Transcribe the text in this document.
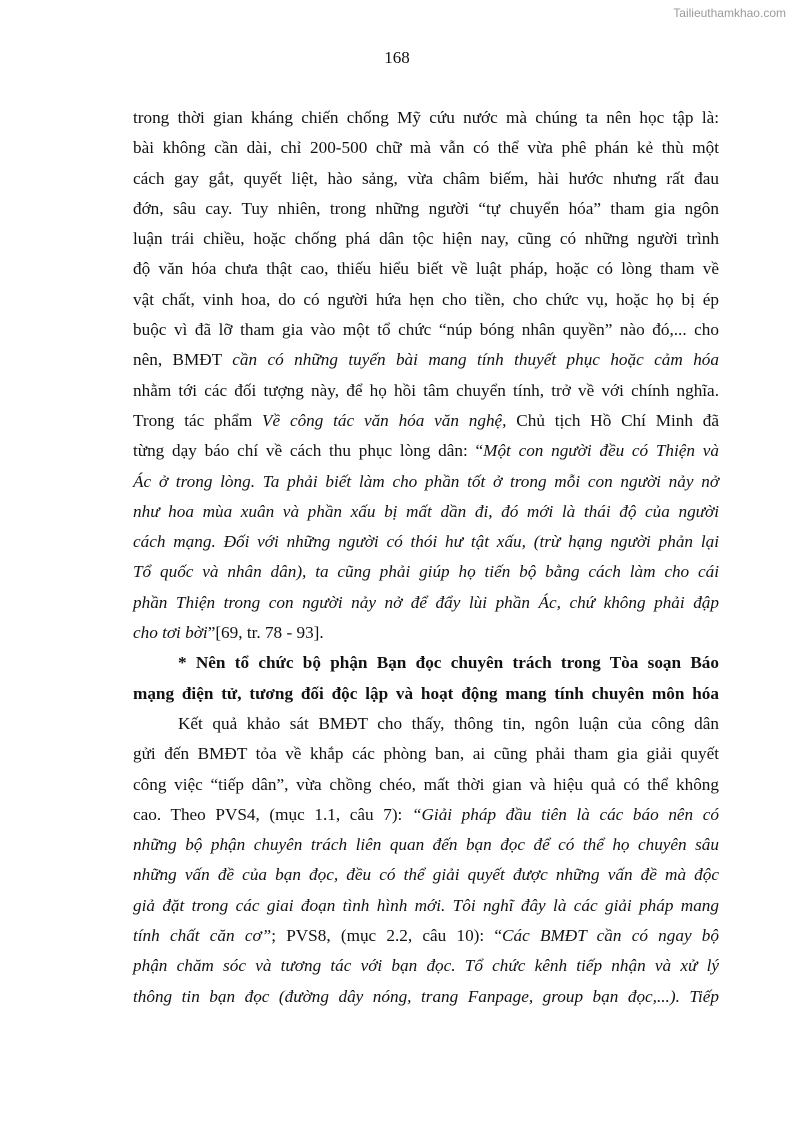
Tailieuthamkhao.com
168
trong thời gian kháng chiến chống Mỹ cứu nước mà chúng ta nên học tập là:
bài không cần dài, chỉ 200-500 chữ mà vẫn có thể vừa phê phán kẻ thù một
cách gay gắt, quyết liệt, hào sảng, vừa châm biếm, hài hước nhưng rất đau
đớn, sâu cay. Tuy nhiên, trong những người “tự chuyển hóa” tham gia ngôn
luận trái chiều, hoặc chống phá dân tộc hiện nay, cũng có những người trình
độ văn hóa chưa thật cao, thiếu hiểu biết về luật pháp, hoặc có lòng tham về
vật chất, vinh hoa, do có người hứa hẹn cho tiền, cho chức vụ, hoặc họ bị ép
buộc vì đã lỡ tham gia vào một tổ chức “núp bóng nhân quyền” nào đó,... cho
nên, BMĐT cần có những tuyến bài mang tính thuyết phục hoặc cảm hóa
nhằm tới các đối tượng này, để họ hồi tâm chuyển tính, trở về với chính nghĩa.
Trong tác phẩm Về công tác văn hóa văn nghệ, Chủ tịch Hồ Chí Minh đã
từng dạy báo chí về cách thu phục lòng dân: “Một con người đều có Thiện và
Ác ở trong lòng. Ta phải biết làm cho phần tốt ở trong mỗi con người nảy nở
như hoa mùa xuân và phần xấu bị mất dần đi, đó mới là thái độ của người
cách mạng. Đối với những người có thói hư tật xấu, (trừ hạng người phản lại
Tổ quốc và nhân dân), ta cũng phải giúp họ tiến bộ bằng cách làm cho cái
phần Thiện trong con người nảy nở để đẩy lùi phần Ác, chứ không phải đập
cho tơi bời”[69, tr. 78 - 93].
* Nên tổ chức bộ phận Bạn đọc chuyên trách trong Tòa soạn Báo
mạng điện tử, tương đối độc lập và hoạt động mang tính chuyên môn hóa
Kết quả khảo sát BMĐT cho thấy, thông tin, ngôn luận của công dân
gửi đến BMĐT tỏa về khắp các phòng ban, ai cũng phải tham gia giải quyết
công việc “tiếp dân”, vừa chồng chéo, mất thời gian và hiệu quả có thể không
cao. Theo PVS4, (mục 1.1, câu 7): “Giải pháp đầu tiên là các báo nên có
những bộ phận chuyên trách liên quan đến bạn đọc để có thể họ chuyên sâu
những vấn đề của bạn đọc, đều có thể giải quyết được những vấn đề mà độc
giả đặt trong các giai đoạn tình hình mới. Tôi nghĩ đây là các giải pháp mang
tính chất căn cơ”; PVS8, (mục 2.2, câu 10): “Các BMĐT cần có ngay bộ
phận chăm sóc và tương tác với bạn đọc. Tổ chức kênh tiếp nhận và xử lý
thông tin bạn đọc (đường dây nóng, trang Fanpage, group bạn đọc,...). Tiếp
